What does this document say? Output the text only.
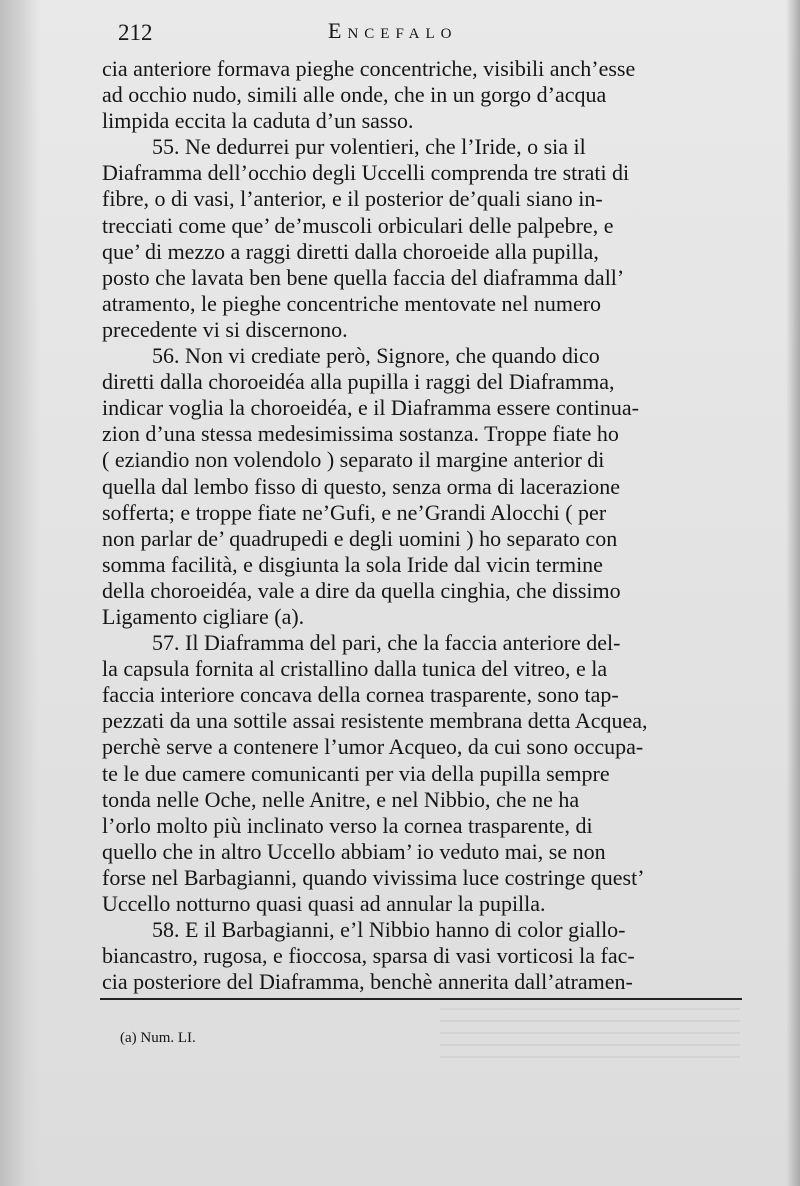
212	Encefalo
cia anteriore formava pieghe concentriche, visibili anch’esse
ad occhio nudo, simili alle onde, che in un gorgo d’acqua
limpida eccita la caduta d’un sasso.
55. Ne dedurrei pur volentieri, che l’Iride, o sia il
Diaframma dell’occhio degli Uccelli comprenda tre strati di
fibre, o di vasi, l’anterior, e il posterior de’quali siano in-
trecciati come que’ de’muscoli orbiculari delle palpebre, e
que’ di mezzo a raggi diretti dalla choroeide alla pupilla,
posto che lavata ben bene quella faccia del diaframma dall’
atramento, le pieghe concentriche mentovate nel numero
precedente vi si discernono.
56. Non vi crediate però, Signore, che quando dico
diretti dalla choroeidéa alla pupilla i raggi del Diaframma,
indicar voglia la choroeidéa, e il Diaframma essere continua-
zion d’una stessa medesimissima sostanza. Troppe fiate ho
( eziandio non volendolo ) separato il margine anterior di
quella dal lembo fisso di questo, senza orma di lacerazione
sofferta; e troppe fiate ne’Gufi, e ne’Grandi Alocchi ( per
non parlar de’ quadrupedi e degli uomini ) ho separato con
somma facilità, e disgiunta la sola Iride dal vicin termine
della choroeidéa, vale a dire da quella cinghia, che dissimo
Ligamento cigliare (a).
57. Il Diaframma del pari, che la faccia anteriore del-
la capsula fornita al cristallino dalla tunica del vitreo, e la
faccia interiore concava della cornea trasparente, sono tap-
pezzati da una sottile assai resistente membrana detta Acquea,
perchè serve a contenere l’umor Acqueo, da cui sono occupa-
te le due camere comunicanti per via della pupilla sempre
tonda nelle Oche, nelle Anitre, e nel Nibbio, che ne ha
l’orlo molto più inclinato verso la cornea trasparente, di
quello che in altro Uccello abbiam’ io veduto mai, se non
forse nel Barbagianni, quando vivissima luce costringe quest’
Uccello notturno quasi quasi ad annular la pupilla.
58. E il Barbagianni, e’l Nibbio hanno di color giallo-
biancastro, rugosa, e fioccosa, sparsa di vasi vorticosi la fac-
cia posteriore del Diaframma, benchè annerita dall’atramen-
(a) Num. LI.
